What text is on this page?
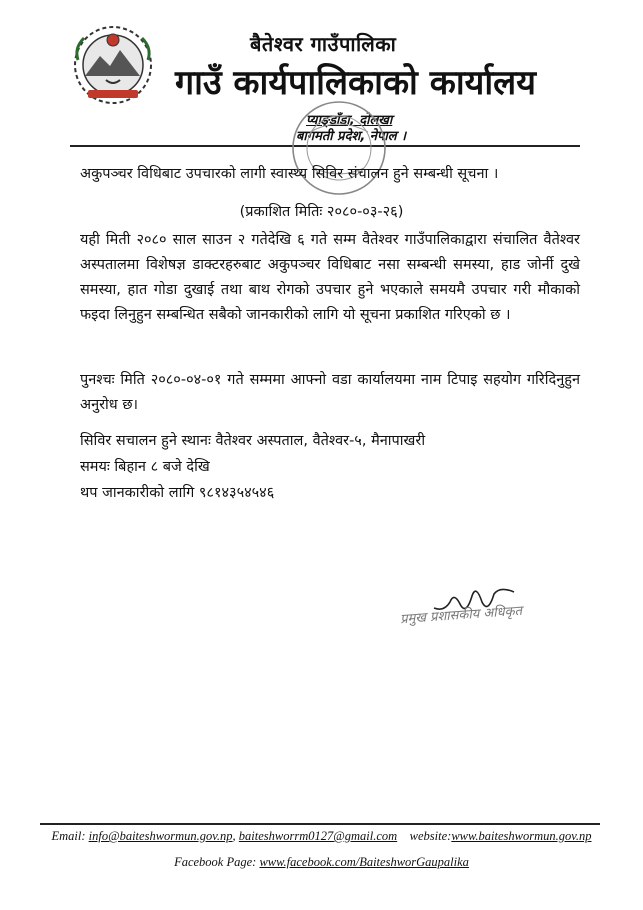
बैतेश्वर गाउँपालिका
गाउँ कार्यपालिकाको कार्यालय
प्याङ्डाँडा, दोलखा
बागमती प्रदेश, नेपाल ।
अकुपञ्चर विधिबाट उपचारको लागी स्वास्थ्य सिविर संचालन हुने सम्बन्धी सूचना ।
(प्रकाशित मितिः २०८०-०३-२६)

यही मिती २०८० साल साउन २ गतेदेखि ६ गते सम्म वैतेश्वर गाउँपालिकाद्वारा संचालित वैतेश्वर अस्पतालमा विशेषज्ञ डाक्टरहरुबाट अकुपञ्चर विधिबाट नसा सम्बन्धी समस्या, हाड जोर्नी दुखे समस्या, हात गोडा दुखाई तथा बाथ रोगको उपचार हुने भएकाले समयमै उपचार गरी मौकाको फइदा लिनुहुन सम्बन्धित सबैको जानकारीको लागि यो सूचना प्रकाशित गरिएको छ ।

पुनश्चः मिति २०८०-०४-०१ गते सम्ममा आफ्नो वडा कार्यालयमा नाम टिपाइ सहयोग गरिदिनुहुन अनुरोध छ।

सिविर सचालन हुने स्थानः वैतेश्वर अस्पताल, वैतेश्वर-५, मैनापाखरी
समयः बिहान ८ बजे देखि
थप जानकारीको लागि ९८१४३५४५४६
प्रमुख प्रशासकीय अधिकृत
Email: info@baiteshwormun.gov.np, baiteshworrm0127@gmail.com website:www.baiteshwormun.gov.np
Facebook Page: www.facebook.com/BaiteshworGaupalika
